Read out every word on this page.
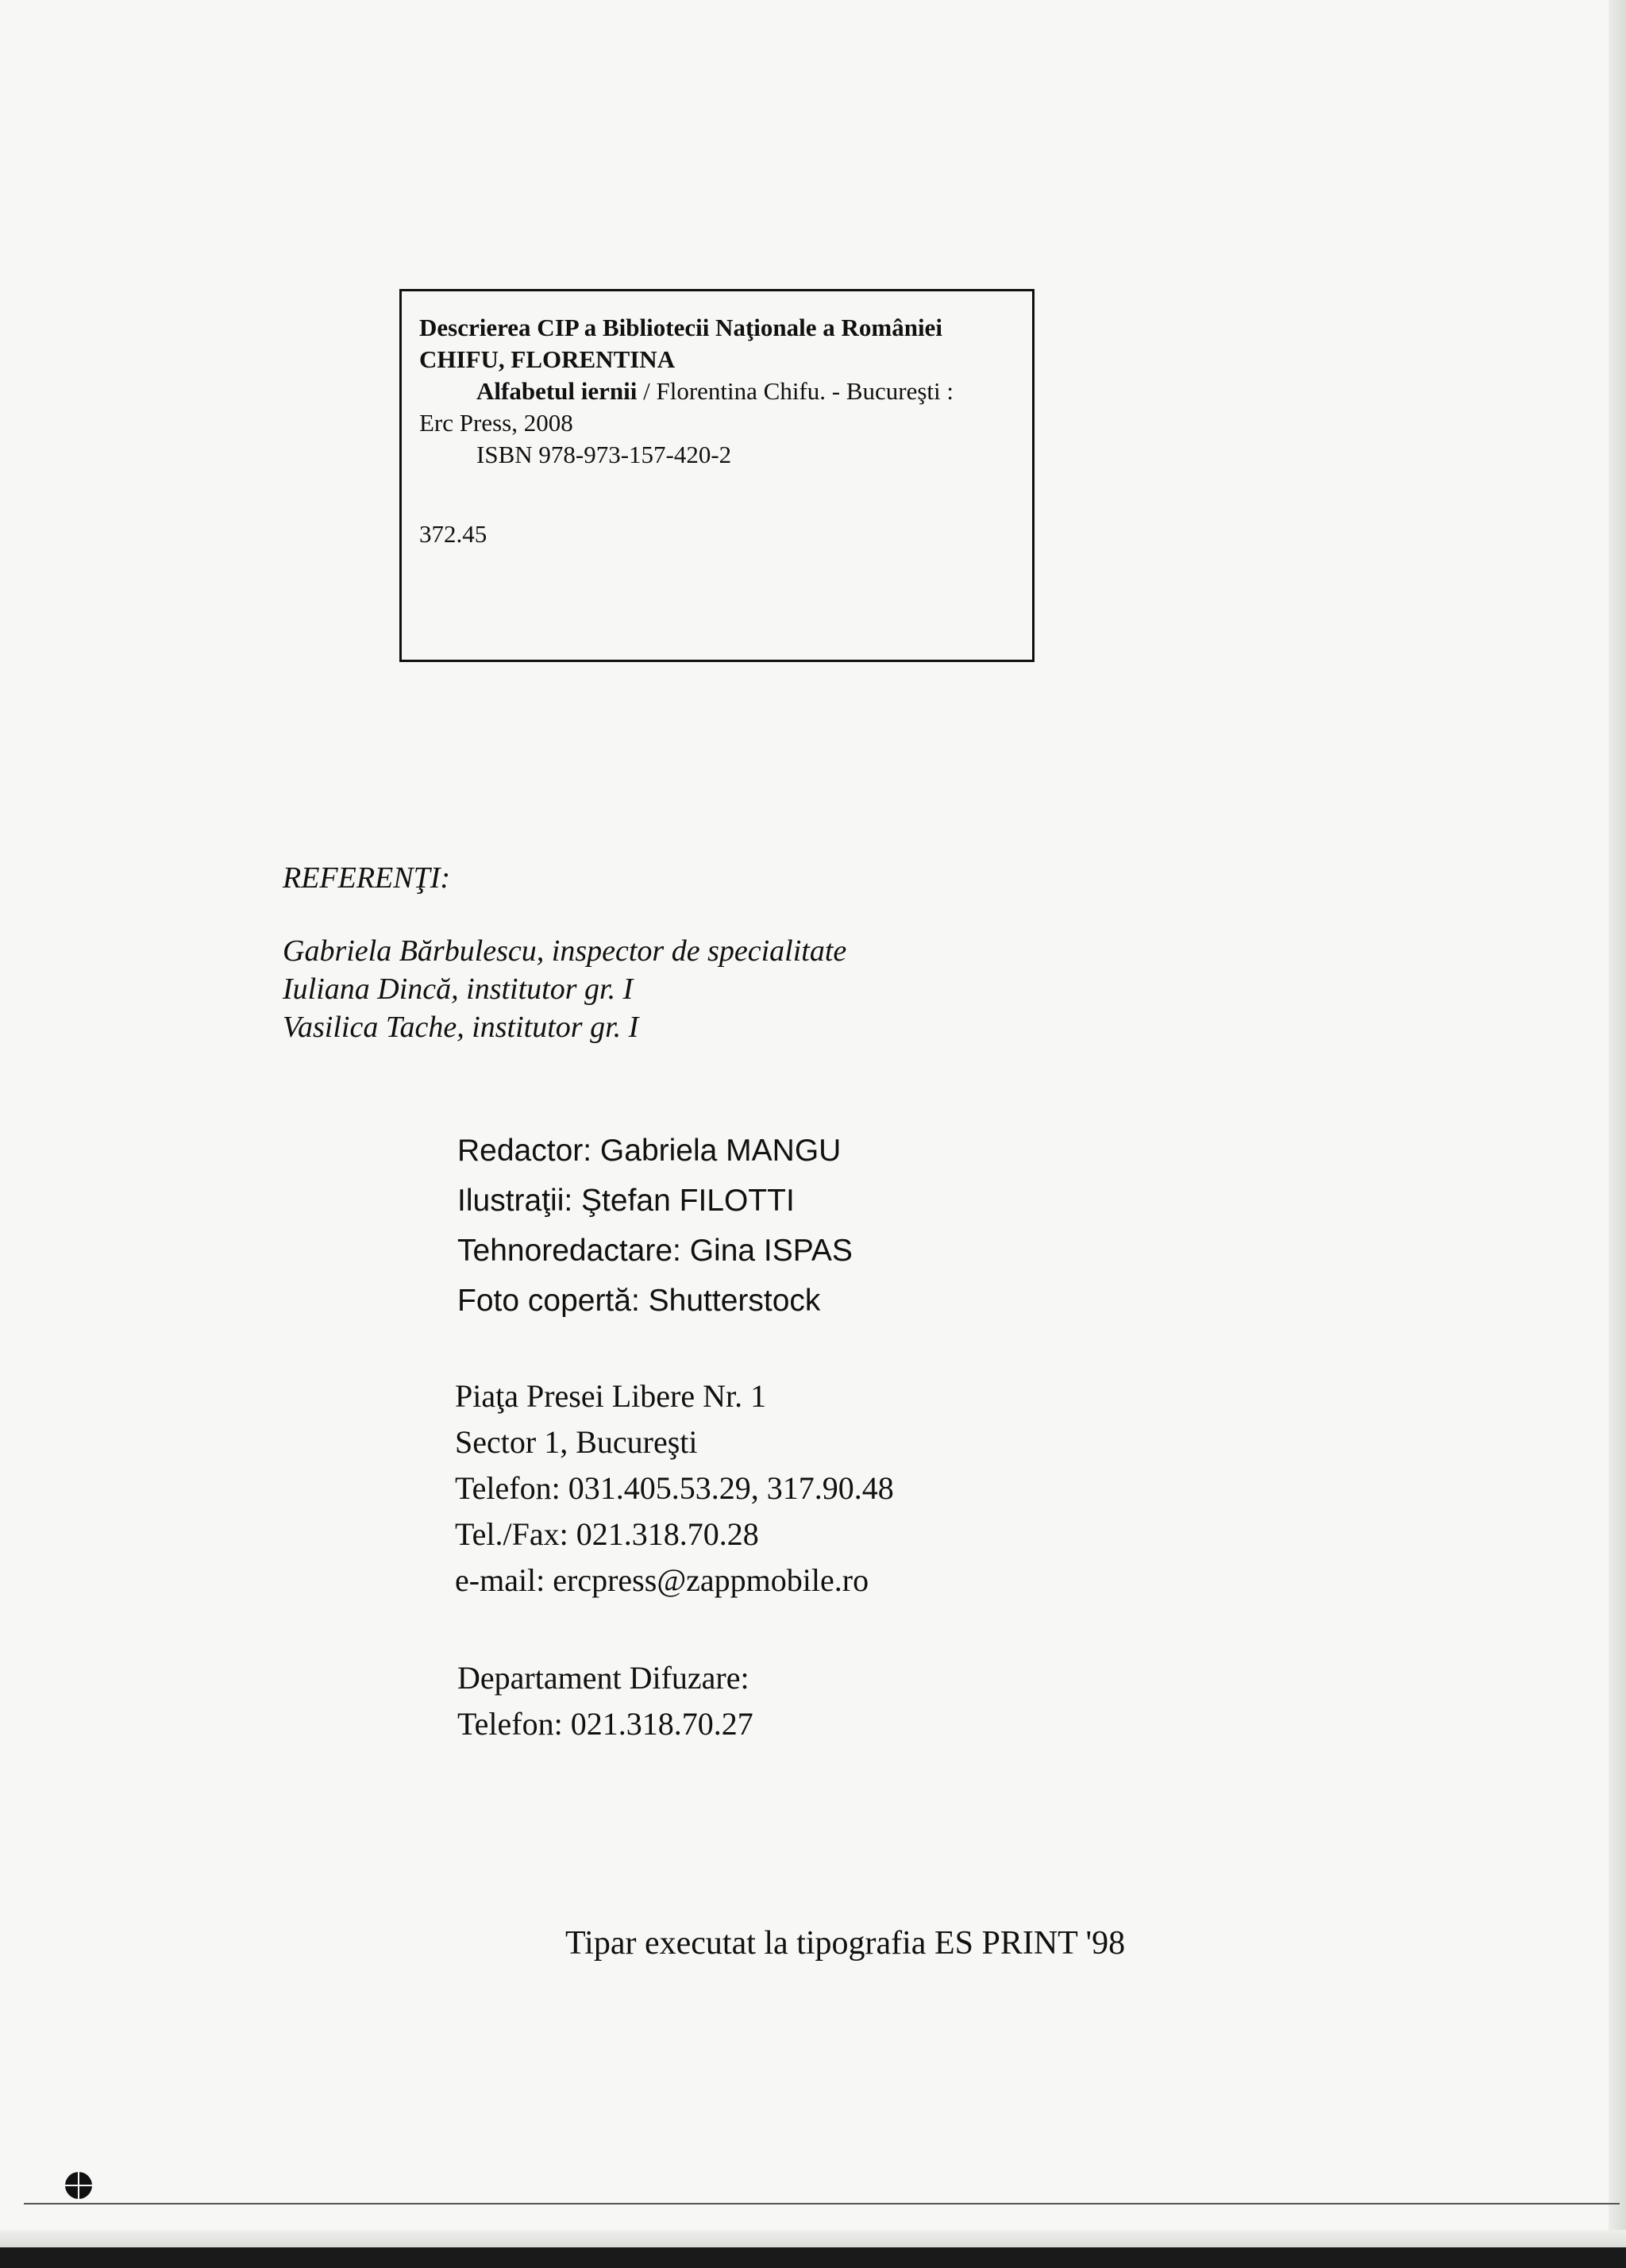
Descrierea CIP a Bibliotecii Naţionale a României
CHIFU, FLORENTINA
Alfabetul iernii / Florentina Chifu. - Bucureşti :
Erc Press, 2008
ISBN 978-973-157-420-2
372.45
REFERENŢI:
Gabriela Bărbulescu, inspector de specialitate
Iuliana Dincă, institutor gr. I
Vasilica Tache, institutor gr. I
Redactor: Gabriela MANGU
Ilustraţii: Ştefan FILOTTI
Tehnoredactare: Gina ISPAS
Foto copertă: Shutterstock
Piaţa Presei Libere Nr. 1
Sector 1, Bucureşti
Telefon: 031.405.53.29, 317.90.48
Tel./Fax: 021.318.70.28
e-mail: ercpress@zappmobile.ro
Departament Difuzare:
Telefon: 021.318.70.27
Tipar executat la tipografia ES PRINT '98
